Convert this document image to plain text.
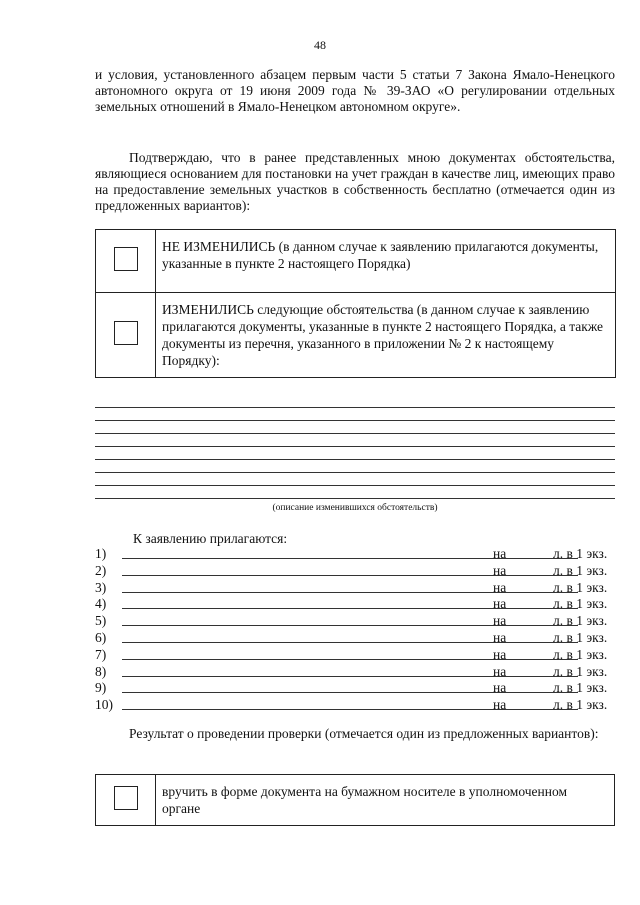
48

и условия, установленного абзацем первым части 5 статьи 7 Закона Ямало-Ненецкого автономного округа от 19 июня 2009 года № 39-ЗАО «О регулировании отдельных земельных отношений в Ямало-Ненецком автономном округе».

Подтверждаю, что в ранее представленных мною документах обстоятельства, являющиеся основанием для постановки на учет граждан в качестве лиц, имеющих право на предоставление земельных участков в собственность бесплатно (отмечается один из предложенных вариантов):

	НЕ ИЗМЕНИЛИСЬ (в данном случае к заявлению прилагаются документы, указанные в пункте 2 настоящего Порядка)
	ИЗМЕНИЛИСЬ следующие обстоятельства (в данном случае к заявлению прилагаются документы, указанные в пункте 2 настоящего Порядка, а также документы из перечня, указанного в приложении № 2 к настоящему Порядку):
(описание изменившихся обстоятельств)
К заявлению прилагаются:
1)	на	л. в 1 экз.
2)	на	л. в 1 экз.
3)	на	л. в 1 экз.
4)	на	л. в 1 экз.
5)	на	л. в 1 экз.
6)	на	л. в 1 экз.
7)	на	л. в 1 экз.
8)	на	л. в 1 экз.
9)	на	л. в 1 экз.
10)	на	л. в 1 экз.

Результат о проведении проверки (отмечается один из предложенных вариантов):

	вручить в форме документа на бумажном носителе в уполномоченном органе
